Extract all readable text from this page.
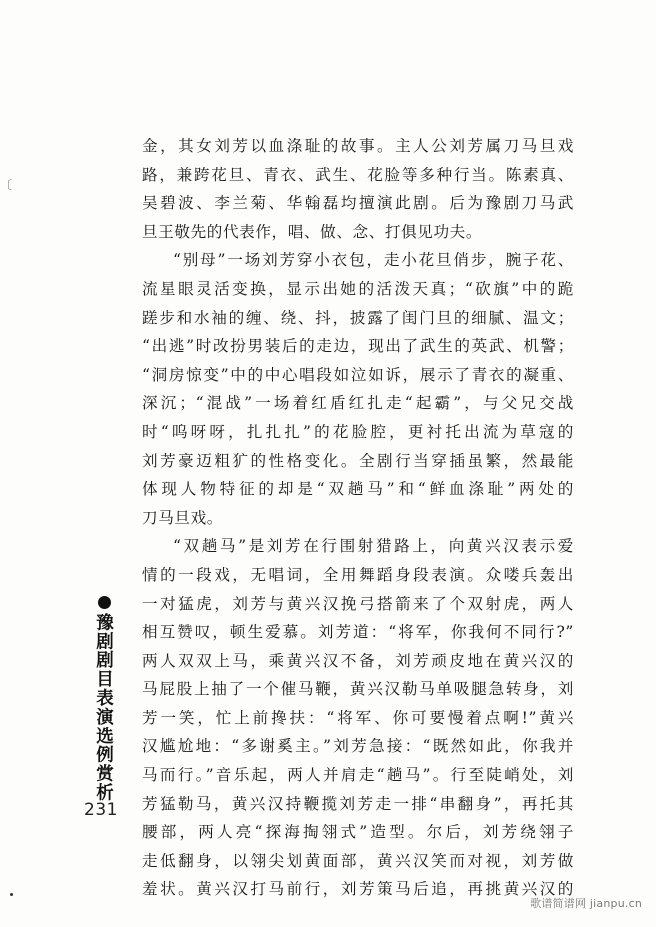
〔
金，其女刘芳以血涤耻的故事。主人公刘芳属刀马旦戏
路，兼跨花旦、青衣、武生、花脸等多种行当。陈素真、
吴碧波、李兰菊、华翰磊均擅演此剧。后为豫剧刀马武
旦王敬先的代表作，唱、做、念、打俱见功夫。
“别母”一场刘芳穿小衣包，走小花旦俏步，腕子花、
流星眼灵活变换，显示出她的活泼天真；“砍旗”中的跪
蹉步和水袖的缠、绕、抖，披露了闺门旦的细腻、温文；
“出逃”时改扮男装后的走边，现出了武生的英武、机警；
“洞房惊变”中的中心唱段如泣如诉，展示了青衣的凝重、
深沉；“混战”一场着红盾红扎走“起霸”，与父兄交战
时“呜呀呀，扎扎扎”的花脸腔，更衬托出流为草寇的
刘芳豪迈粗犷的性格变化。全剧行当穿插虽繁，然最能
体现人物特征的却是“双趟马”和“鲜血涤耻”两处的
刀马旦戏。
“双趟马”是刘芳在行围射猎路上，向黄兴汉表示爱
情的一段戏，无唱词，全用舞蹈身段表演。众喽兵轰出
一对猛虎，刘芳与黄兴汉挽弓搭箭来了个双射虎，两人
相互赞叹，顿生爱慕。刘芳道：“将军，你我何不同行?”
两人双双上马，乘黄兴汉不备，刘芳顽皮地在黄兴汉的
马屁股上抽了一个催马鞭，黄兴汉勒马单吸腿急转身，刘
芳一笑，忙上前搀扶：“将军、你可要慢着点啊!”黄兴
汉尴尬地：“多谢奚主。”刘芳急接：“既然如此，你我并
马而行。”音乐起，两人并肩走“趟马”。行至陡峭处，刘
芳猛勒马，黄兴汉持鞭揽刘芳走一排“串翻身”，再托其
腰部，两人亮“探海掏翎式”造型。尔后，刘芳绕翎子
走低翻身，以翎尖划黄面部，黄兴汉笑而对视，刘芳做
羞状。黄兴汉打马前行，刘芳策马后追，再挑黄兴汉的
豫剧剧目表演选例赏析
231
歌谱简谱网 jianpu.cn
